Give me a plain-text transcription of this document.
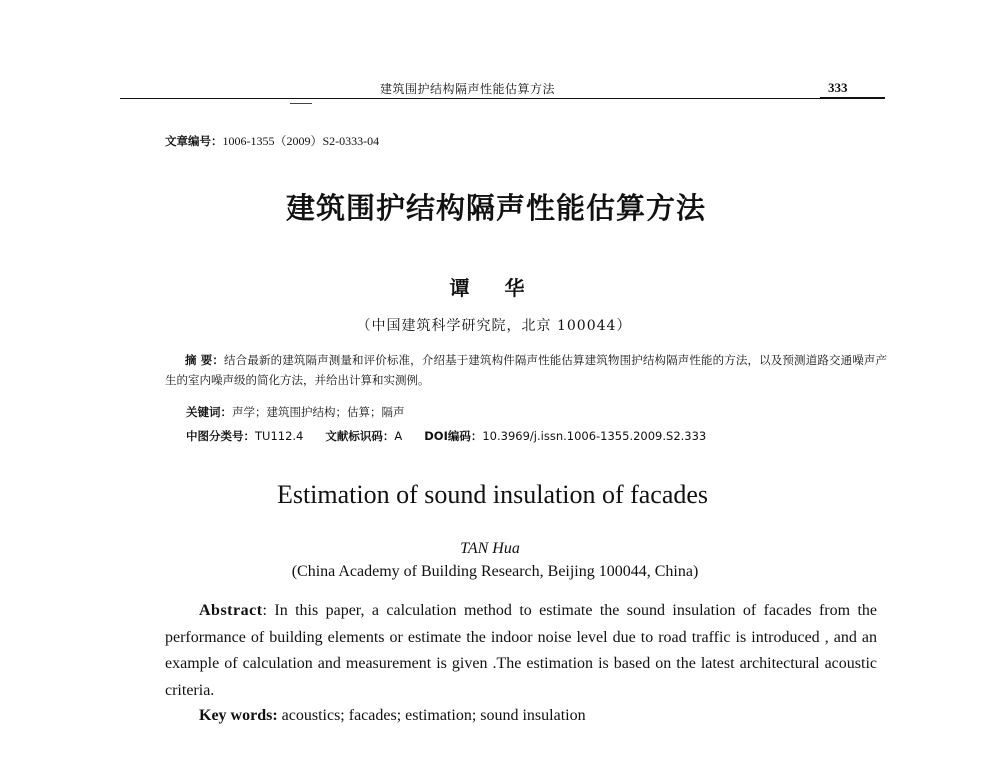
建筑围护结构隔声性能估算方法	333
文章编号：1006-1355（2009）S2-0333-04
建筑围护结构隔声性能估算方法
谭 华
（中国建筑科学研究院，北京 100044）
摘 要：结合最新的建筑隔声测量和评价标准，介绍基于建筑构件隔声性能估算建筑物围护结构隔声性能的方法，以及预测道路交通噪声产生的室内噪声级的简化方法，并给出计算和实测例。
关键词：声学；建筑围护结构；估算；隔声
中图分类号：TU112.4 文献标识码：A DOI编码：10.3969/j.issn.1006-1355.2009.S2.333
Estimation of sound insulation of facades
TAN Hua
(China Academy of Building Research, Beijing 100044, China)
Abstract: In this paper, a calculation method to estimate the sound insulation of facades from the performance of building elements or estimate the indoor noise level due to road traffic is introduced , and an example of calculation and measurement is given .The estimation is based on the latest architectural acoustic criteria.
Key words: acoustics; facades; estimation; sound insulation
